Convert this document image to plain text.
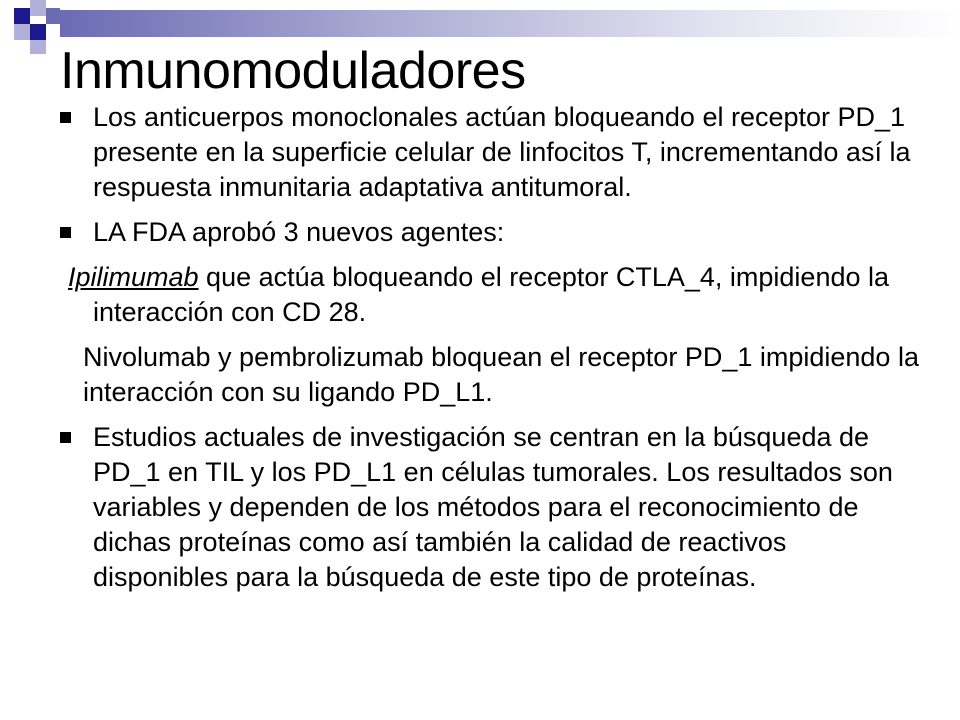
Inmunomoduladores
Los anticuerpos monoclonales actúan bloqueando el receptor PD_1 presente en la superficie celular de linfocitos T, incrementando así la respuesta inmunitaria adaptativa antitumoral.
LA FDA aprobó 3 nuevos agentes:
Ipilimumab que actúa bloqueando el receptor CTLA_4, impidiendo la interacción con CD 28.
Nivolumab y pembrolizumab bloquean el receptor PD_1 impidiendo la interacción con su ligando PD_L1.
Estudios actuales de investigación se centran en la búsqueda de PD_1 en TIL y los PD_L1 en células tumorales. Los resultados son variables y dependen de los métodos para el reconocimiento de dichas proteínas como así también la calidad de reactivos disponibles para la búsqueda de este tipo de proteínas.
